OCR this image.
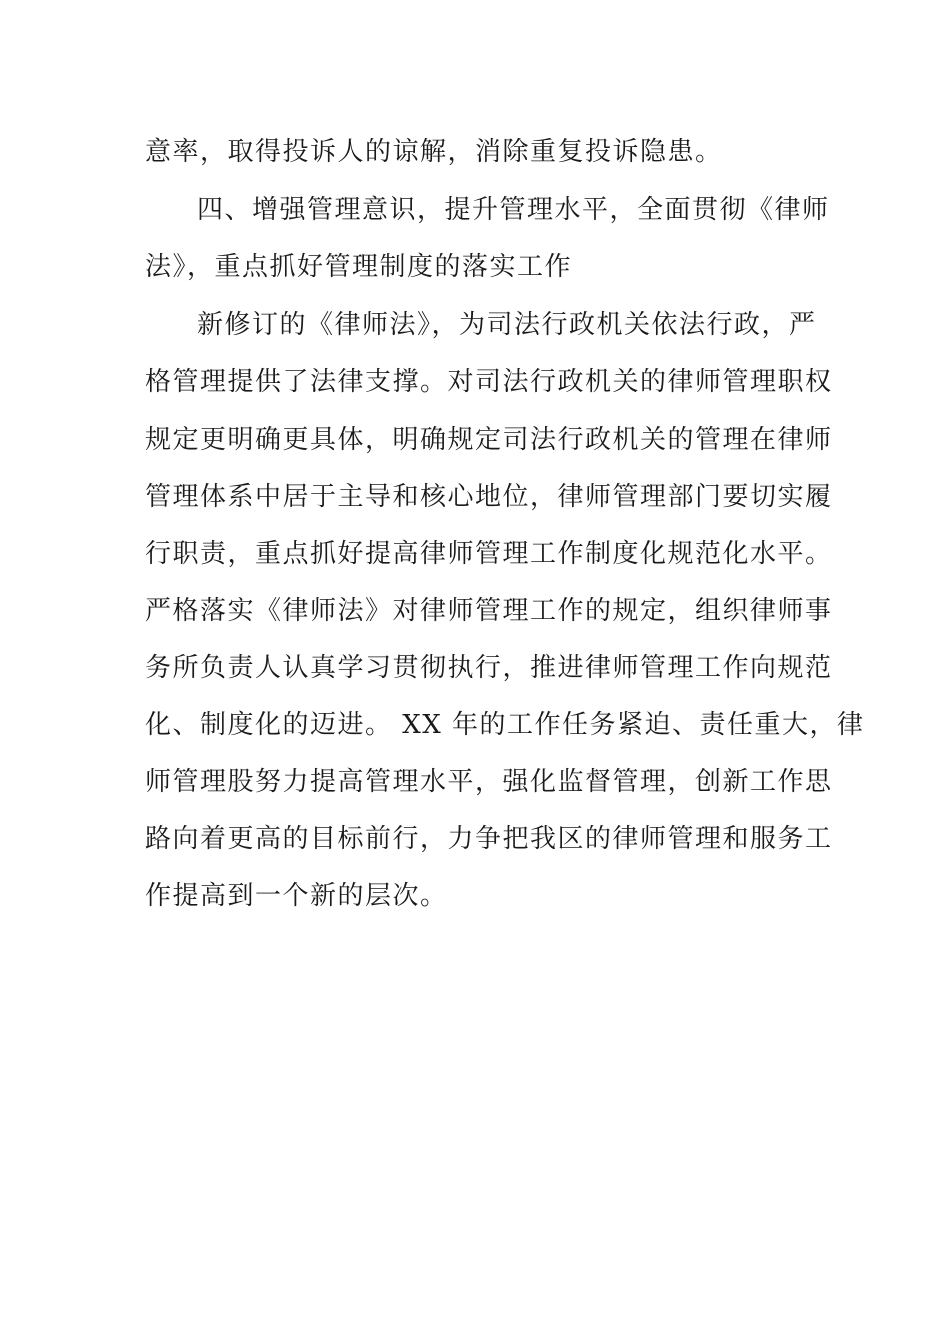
意率，取得投诉人的谅解，消除重复投诉隐患。
四、增强管理意识，提升管理水平，全面贯彻《律师
法》，重点抓好管理制度的落实工作
新修订的《律师法》，为司法行政机关依法行政，严
格管理提供了法律支撑。对司法行政机关的律师管理职权
规定更明确更具体，明确规定司法行政机关的管理在律师
管理体系中居于主导和核心地位，律师管理部门要切实履
行职责，重点抓好提高律师管理工作制度化规范化水平。
严格落实《律师法》对律师管理工作的规定，组织律师事
务所负责人认真学习贯彻执行，推进律师管理工作向规范
化、制度化的迈进。 XX 年的工作任务紧迫、责任重大，律
师管理股努力提高管理水平，强化监督管理，创新工作思
路向着更高的目标前行，力争把我区的律师管理和服务工
作提高到一个新的层次。
